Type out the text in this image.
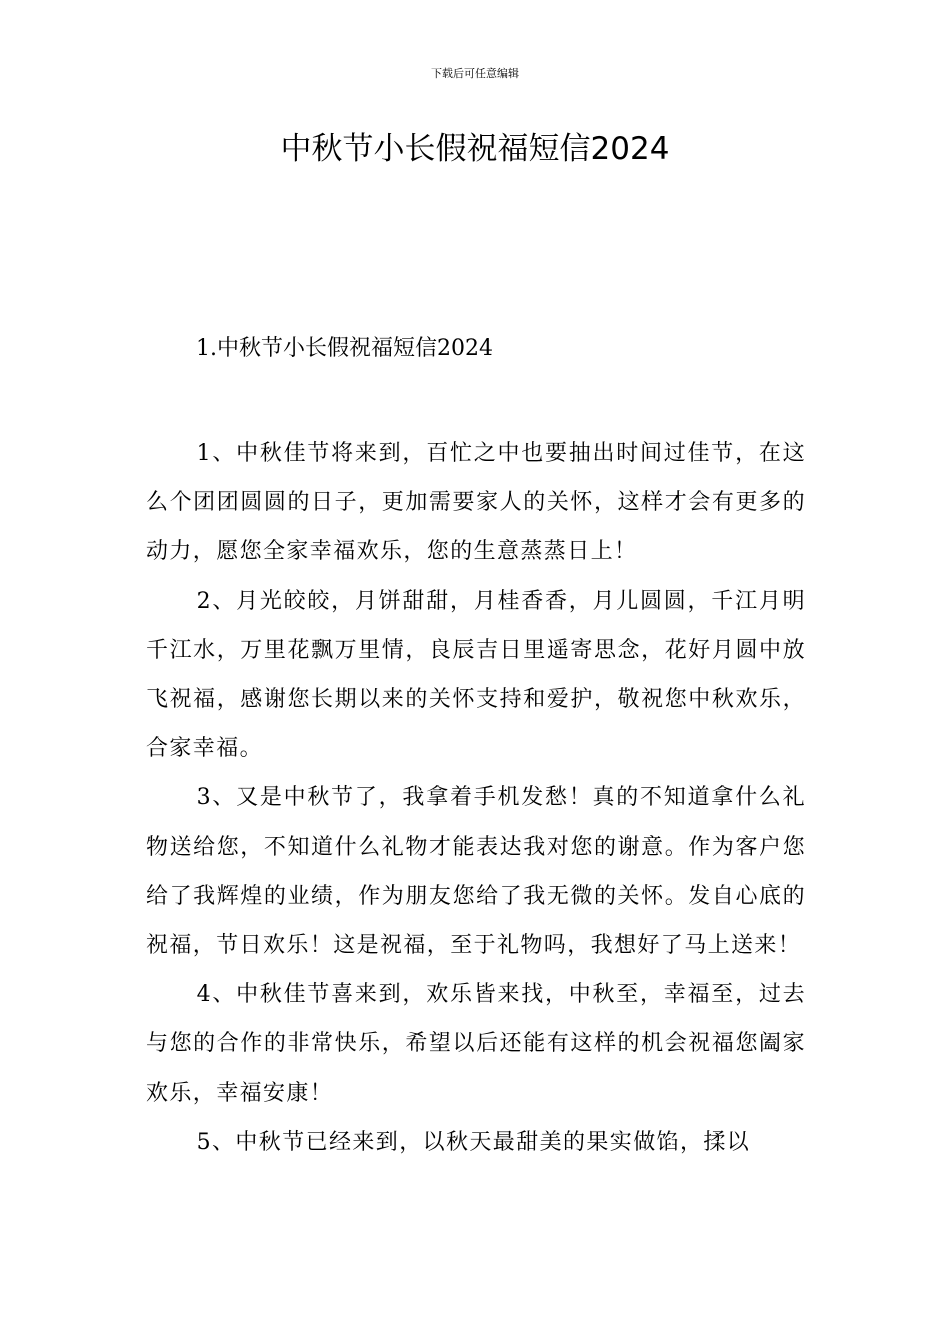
下载后可任意编辑
中秋节小长假祝福短信2024
1.中秋节小长假祝福短信2024

1、中秋佳节将来到，百忙之中也要抽出时间过佳节，在这么个团团圆圆的日子，更加需要家人的关怀，这样才会有更多的动力，愿您全家幸福欢乐，您的生意蒸蒸日上！

2、月光皎皎，月饼甜甜，月桂香香，月儿圆圆，千江月明千江水，万里花飘万里情，良辰吉日里遥寄思念，花好月圆中放飞祝福，感谢您长期以来的关怀支持和爱护，敬祝您中秋欢乐，合家幸福。

3、又是中秋节了，我拿着手机发愁！真的不知道拿什么礼物送给您，不知道什么礼物才能表达我对您的谢意。作为客户您给了我辉煌的业绩，作为朋友您给了我无微的关怀。发自心底的祝福，节日欢乐！这是祝福，至于礼物吗，我想好了马上送来！

4、中秋佳节喜来到，欢乐皆来找，中秋至，幸福至，过去与您的合作的非常快乐，希望以后还能有这样的机会祝福您阖家欢乐，幸福安康！

5、中秋节已经来到，以秋天最甜美的果实做馅，揉以
